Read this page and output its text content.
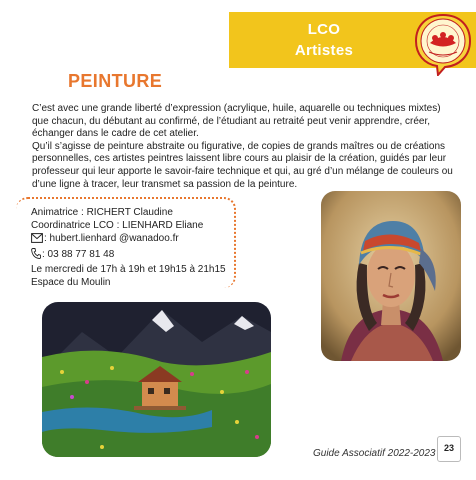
LCO
Artistes
PEINTURE

C’est avec une grande liberté d’expression (acrylique, huile, aquarelle ou techniques mixtes) que chacun, du débutant au confirmé, de l’étudiant au retraité peut venir apprendre, créer, échanger dans le cadre de cet atelier.

Qu’il s’agisse de peinture abstraite ou figurative, de copies de grands maîtres ou de créations personnelles, ces artistes peintres laissent libre cours au plaisir de la création, guidés par leur professeur qui leur apporte le savoir-faire technique et qui, au gré d’un mélange de couleurs ou d’une ligne à tracer, leur transmet sa passion de la peinture.

Animatrice : RICHERT Claudine
Coordinatrice LCO : LIENHARD Eliane
: hubert.lienhard @wanadoo.fr
: 03 88 77 81 48
Le mercredi de 17h à 19h et 19h15 à 21h15
Espace du Moulin
Guide Associatif 2022-2023 23
